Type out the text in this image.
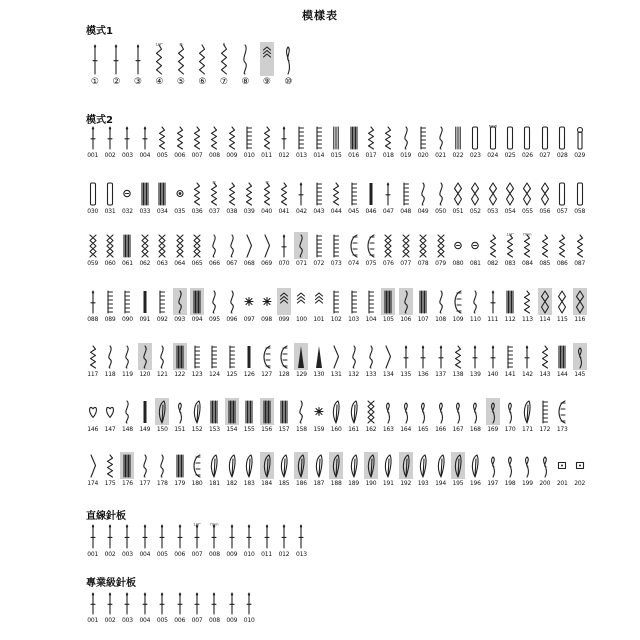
模樣表
模式1
① ② ③
1/4"
④
M
⑤ ⑥
R
⑦ ⑧ ⑨ ⑩
模式2
001 002 003 004 005 006 007 008 009 010 011 012 013 014 015 016 017 018 019 020 021 022 023
NEW
024 025 026 027 028 029
030 031 032 033 034 035 036
M
037 038 039
M
040 041 042 043 044 045 046 047 048 049 050 051 052 053 054 055 056 057 058
059 060 061 062 063 064 065 066 067 068 069 070 071 072 073 074 075 076 077 078 079 080 081 082
1/4"
083
7mm
084 085 086 087
088 089 090 091 092 093 094 095 096 097 098 099 100 101 102 103 104 105 106 107 108 109 110 111 112 113 114 115 116
117 118 119 120 121 122 123 124 125 126 127 128 129 130 131 132 133 134 135 136 137 138 139 140 141 142 143 144 145
146 147 148 149 150 151 152 153 154 155 156 157 158 159 160 161 162 163 164 165 166 167 168 169 170 171 172 173
174 175 176 177 178 179 180 181 182 183 184 185 186 187 188 189 190 191 192 193 194 195 196 197 198 199 200 201 202
直線針板
001 002 003 004 005 006
1/4"
007
7mm
008 009 010 011 012 013
專業級針板
001 002 003 004 005 006 007 008 009 010
